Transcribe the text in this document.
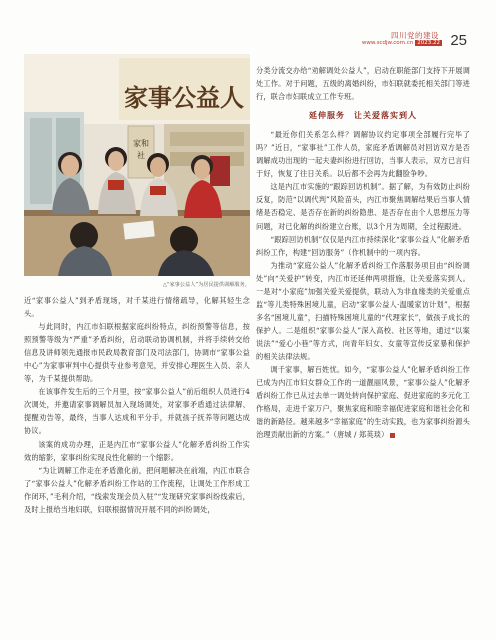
四川党的建设
www.scdjw.com.cn 2023.22 25
家事公益人
家和
社
△“家事公益人”为居民提供调解服务。

近“家事公益人”到矛盾现场，对千某进行情绪疏导，化解其轻生念头。

与此同时，内江市妇联根据家庭纠纷特点，纠纷预警等信息，按照预警等级为“严重”矛盾纠纷，启动联动协调机制，并将手续转交给信息及讲师领先通报市民政局教育部门及司法部门，协调市“家事公益中心”为家事审判中心提供专业参考意见，并安排心理医生入员、亲人等，为千某提供帮助。

在该事件发生后的三个月里，按“家事公益人”前后组织人员进行4次调处，并邀请家事调解员加入现场调处，对家事矛盾通过法律解、提醒劝告等，最终，当事人达成和平分手，并就孩子抚养等问题达成协议。

该案的成功办理，正是内江市“家事公益人”化解矛盾纠纷工作实效的缩影，家事纠纷实现良性化解的一个缩影。

“为让调解工作走在矛盾激化前，把问题解决在前端，内江市联合了“家事公益人”化解矛盾纠纷工作站的工作流程，让调处工作形成工作闭环，”毛利介绍，“线索发现会员入驻”“发现研究家事纠纷线索后，及时上报给当地妇联，妇联根据情况开展不同的纠纷调处，

分类分流交办给“劝解调处公益人”，启动在职能部门支持下开展调处工作。对于问题，五级的离婚纠纷，市妇联就委托相关部门等进行，联合市妇联成立工作专班。

延伸服务　让关爱落实到人

“最近你们关系怎么样？调解协议约定事项全部履行完毕了吗？”近日，“家事社”工作人员，家庭矛盾调解员对回访双方是否调解成功出现的一起夫妻纠纷进行回访，当事人表示，双方已言归于好，恢复了往日关系。以后都不会再为此翻脸争吵。

这是内江市实施的“跟踪回访机制”。据了解，为有效防止纠纷反复，防范“以调代判”风险苗头，内江市聚焦调解结果后当事人情绪是否稳定、是否存在新的纠纷隐患、是否存在由个人思想压力等问题，对已化解的纠纷建立台账，以3个月为周期，全过程跟进。

“跟踪回访机制”仅仅是内江市持续深化“家事公益人”化解矛盾纠纷工作，构建“回访服务”（作机制中的一项内容。

为推动“家庭公益人”化解矛盾纠纷工作落服务项目由“纠纷调处”向“关爱护”转变，内江市还延伸两项措施，让关爱落实到人。一是对“小家庭”加强关爱关爱提供，联动入为非血缘类的关爱重点监“等儿类特殊困境儿童，启动“家事公益人·温暖家访计划”，根据多名“困境儿童”，扫描特殊困境儿童的“代理家长”，做孩子成长的保护人。二是组织“家事公益人”深入高校、社区等地，通过“以案说法”“爱心小巷”等方式，向青年妇女、女童等宣传反家暴和保护的相关法律法规。

调千家事，解百姓忧。如今，“家事公益人”化解矛盾纠纷工作已成为内江市妇女群众工作的一道靓丽风景，“家事公益人”化解矛盾纠纷工作已从过去单一调处转向保护家庭、促进家庭的多元化工作格局，走进千家万户，聚焦家庭和睦幸福促进家庭和谐社会化和谐的新路径。越来越多“幸福家庭”的生动实践，也为家事纠纷源头治理贡献出新的方案。”（唐城 / 郑英琰）
